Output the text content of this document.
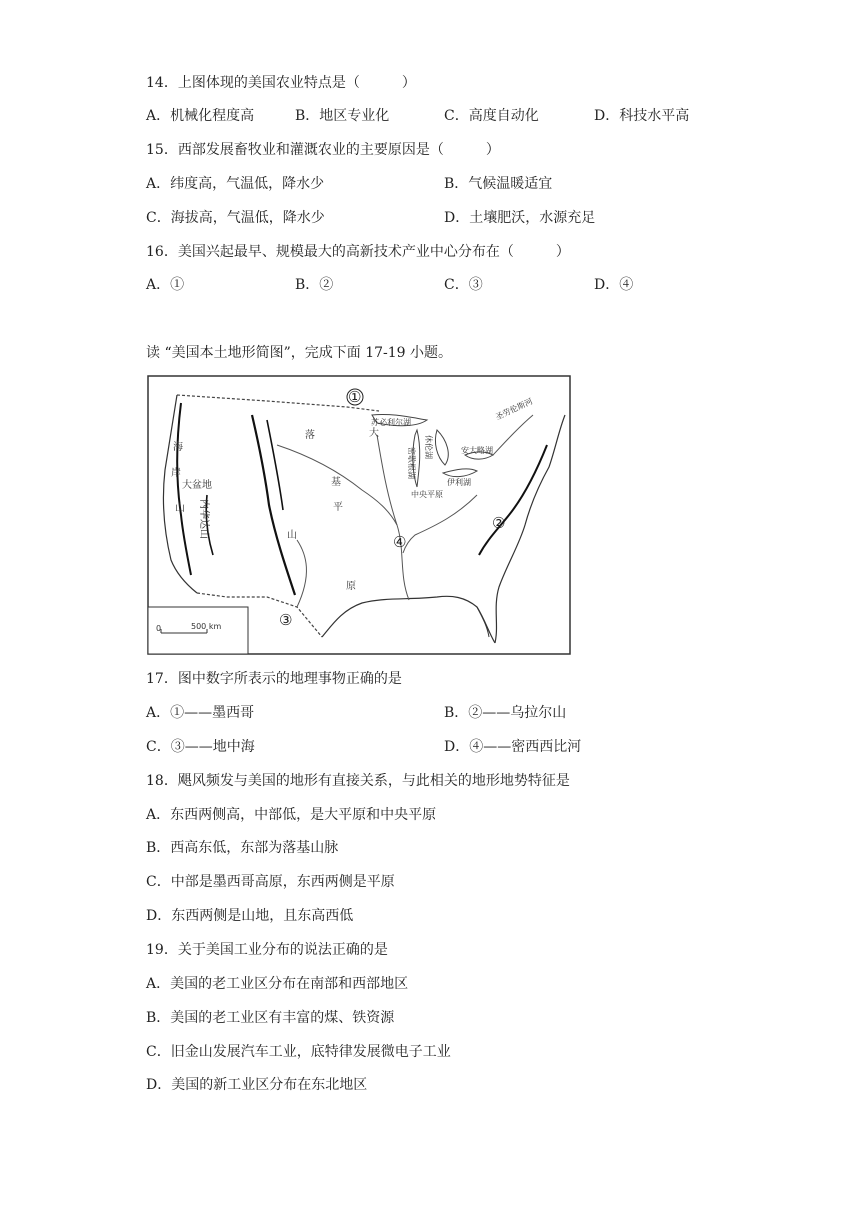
14．上图体现的美国农业特点是（　　　）
A．机械化程度高	B．地区专业化	C．高度自动化	D．科技水平高
15．西部发展畜牧业和灌溉农业的主要原因是（　　　）
A．纬度高，气温低，降水少	B．气候温暖适宜
C．海拔高，气温低，降水少	D．土壤肥沃，水源充足
16．美国兴起最早、规模最大的高新技术产业中心分布在（　　　）
A．①	B．②	C．③	D．④
读 “美国本土地形简图”，完成下面 17-19 小题。
0	500 km
①
②
③
④
落	大
基
平
山
原
海
岸
山
大盆地
内华达山
苏必利尔湖
密歇根湖 休伦湖
伊利湖
安大略湖
圣劳伦斯河
中央平原
17．图中数字所表示的地理事物正确的是
A．①——墨西哥	B．②——乌拉尔山
C．③——地中海	D．④——密西西比河
18．飓风频发与美国的地形有直接关系，与此相关的地形地势特征是
A．东西两侧高，中部低，是大平原和中央平原
B．西高东低，东部为落基山脉
C．中部是墨西哥高原，东西两侧是平原
D．东西两侧是山地，且东高西低
19．关于美国工业分布的说法正确的是
A．美国的老工业区分布在南部和西部地区
B．美国的老工业区有丰富的煤、铁资源
C．旧金山发展汽车工业，底特律发展微电子工业
D．美国的新工业区分布在东北地区
